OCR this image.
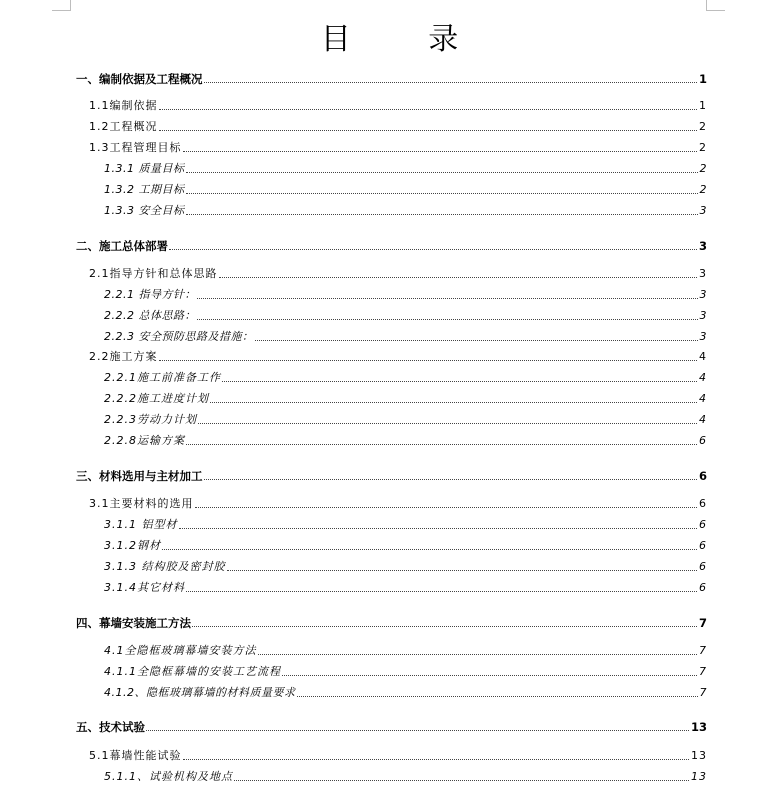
目 录
一、编制依据及工程概况	1
1.1编制依据	1
1.2工程概况	2
1.3工程管理目标	2
1.3.1 质量目标	2
1.3.2 工期目标	2
1.3.3 安全目标	3
二、施工总体部署	3
2.1指导方针和总体思路	3
2.2.1 指导方针：	3
2.2.2 总体思路：	3
2.2.3 安全预防思路及措施：	3
2.2施工方案	4
2.2.1施工前准备工作	4
2.2.2施工进度计划	4
2.2.3劳动力计划	4
2.2.8运输方案	6
三、材料选用与主材加工	6
3.1主要材料的选用	6
3.1.1 铝型材	6
3.1.2钢材	6
3.1.3 结构胶及密封胶	6
3.1.4其它材料	6
四、幕墙安装施工方法	7
4.1全隐框玻璃幕墙安装方法	7
4.1.1全隐框幕墙的安装工艺流程	7
4.1.2、隐框玻璃幕墙的材料质量要求	7
五、技术试验	13
5.1幕墙性能试验	13
5.1.1、试验机构及地点	13
